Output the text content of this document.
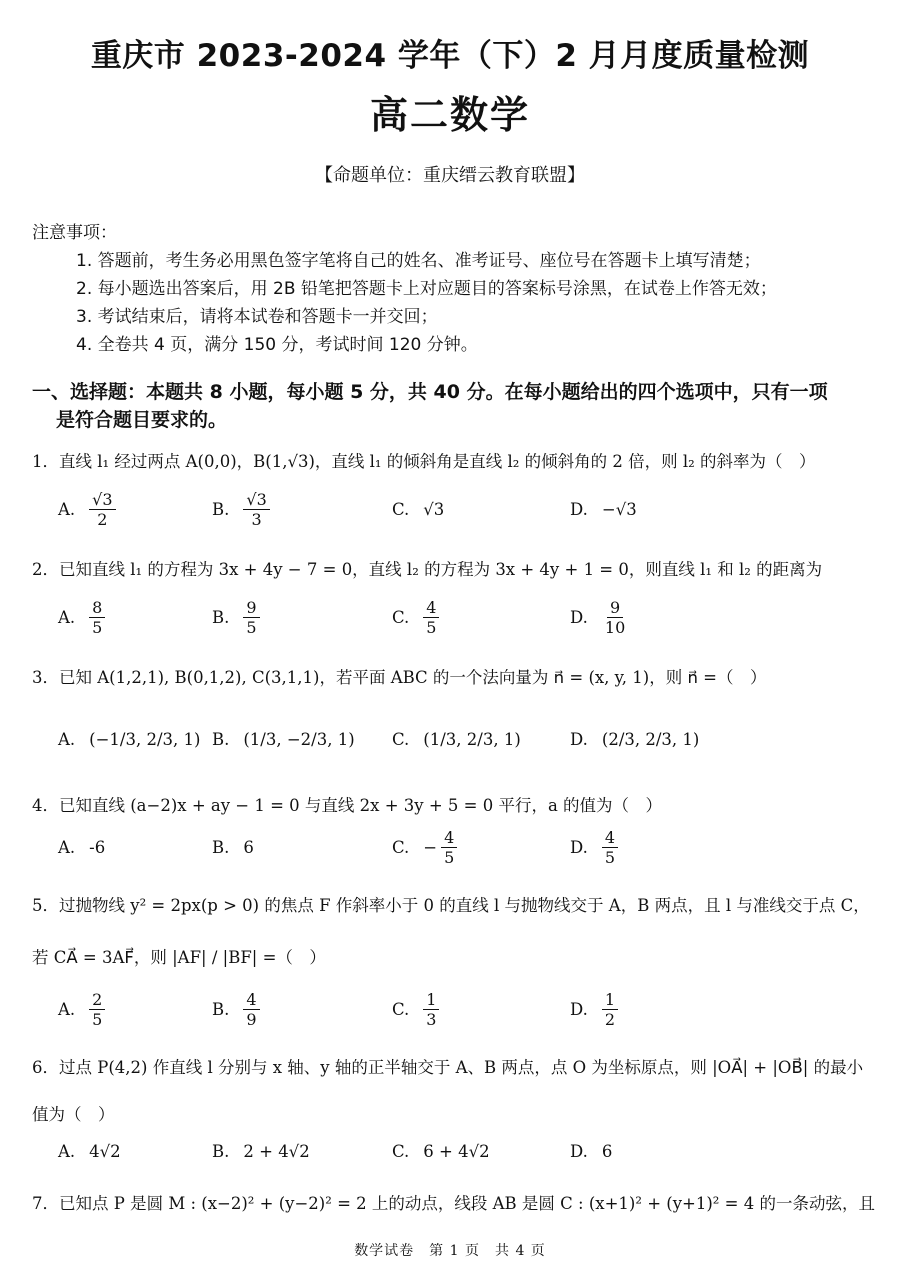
重庆市 2023-2024 学年（下）2 月月度质量检测
高二数学
【命题单位：重庆缙云教育联盟】
注意事项：
1. 答题前，考生务必用黑色签字笔将自己的姓名、准考证号、座位号在答题卡上填写清楚；
2. 每小题选出答案后，用 2B 铅笔把答题卡上对应题目的答案标号涂黑，在试卷上作答无效；
3. 考试结束后，请将本试卷和答题卡一并交回；
4. 全卷共 4 页，满分 150 分，考试时间 120 分钟。
一、选择题：本题共 8 小题，每小题 5 分，共 40 分。在每小题给出的四个选项中，只有一项
是符合题目要求的。
1．直线 l₁ 经过两点 A(0,0)，B(1,√3)，直线 l₁ 的倾斜角是直线 l₂ 的倾斜角的 2 倍，则 l₂ 的斜率为（　）
A. $\frac{√3}{2}$	B. $\frac{√3}{3}$	C. √3	D. −√3
2．已知直线 l₁ 的方程为 3x + 4y − 7 = 0，直线 l₂ 的方程为 3x + 4y + 1 = 0，则直线 l₁ 和 l₂ 的距离为
A. $\frac{8}{5}$	B. $\frac{9}{5}$	C. $\frac{4}{5}$	D. $\frac{9}{10}$
3．已知 A(1,2,1), B(0,1,2), C(3,1,1)，若平面 ABC 的一个法向量为 n⃗ = (x, y, 1)，则 n⃗ =（　）
A. (−1/3, 2/3, 1) B. (1/3, −2/3, 1) C. (1/3, 2/3, 1)	D. (2/3, 2/3, 1)
4．已知直线 (a−2)x + ay − 1 = 0 与直线 2x + 3y + 5 = 0 平行，a 的值为（　）
A. -6	B. 6	C. − $\frac{4}{5}$	D. $\frac{4}{5}$
5．过抛物线 y² = 2px(p > 0) 的焦点 F 作斜率小于 0 的直线 l 与抛物线交于 A，B 两点，且 l 与准线交于点 C，
若 CA⃗ = 3AF⃗，则 |AF| / |BF| =（　）
A. $\frac{2}{5}$	B. $\frac{4}{9}$	C. $\frac{1}{3}$	D. $\frac{1}{2}$
6．过点 P(4,2) 作直线 l 分别与 x 轴、y 轴的正半轴交于 A、B 两点，点 O 为坐标原点，则 |OA⃗| + |OB⃗| 的最小
值为（　）
A. 4√2	B. 2 + 4√2	C. 6 + 4√2	D. 6
7．已知点 P 是圆 M : (x−2)² + (y−2)² = 2 上的动点，线段 AB 是圆 C : (x+1)² + (y+1)² = 4 的一条动弦，且
数学试卷　第 1 页　共 4 页
